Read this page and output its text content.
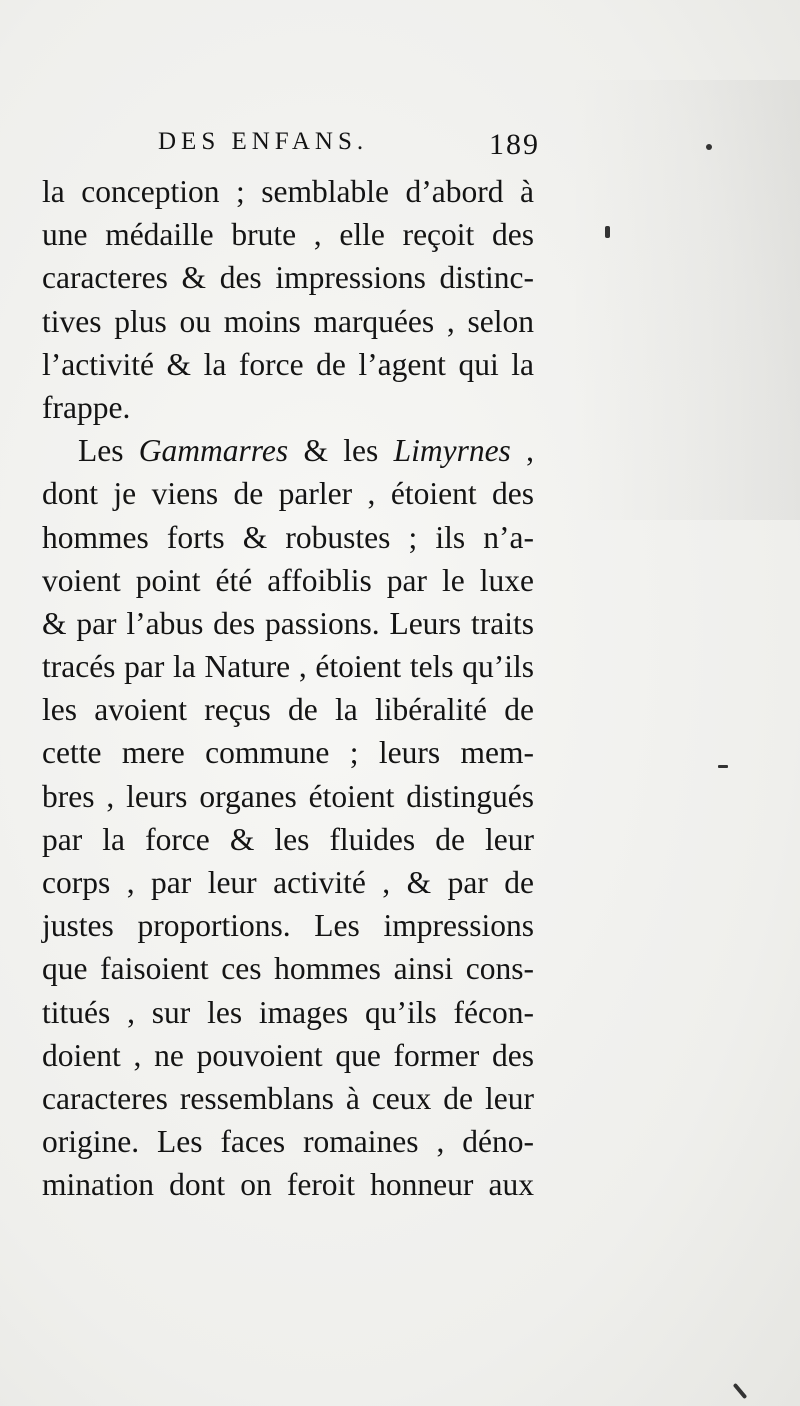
DES ENFANS.	189
la conception ; semblable d’abord à
une médaille brute , elle reçoit des
caracteres & des impressions distinc-
tives plus ou moins marquées , selon
l’activité & la force de l’agent qui la
frappe.
Les Gammarres & les Limyrnes ,
dont je viens de parler , étoient des
hommes forts & robustes ; ils n’a-
voient point été affoiblis par le luxe
& par l’abus des passions. Leurs traits
tracés par la Nature , étoient tels qu’ils
les avoient reçus de la libéralité de
cette mere commune ; leurs mem-
bres , leurs organes étoient distingués
par la force & les fluides de leur
corps , par leur activité , & par de
justes proportions. Les impressions
que faisoient ces hommes ainsi cons-
titués , sur les images qu’ils fécon-
doient , ne pouvoient que former des
caracteres ressemblans à ceux de leur
origine. Les faces romaines , déno-
mination dont on feroit honneur aux
